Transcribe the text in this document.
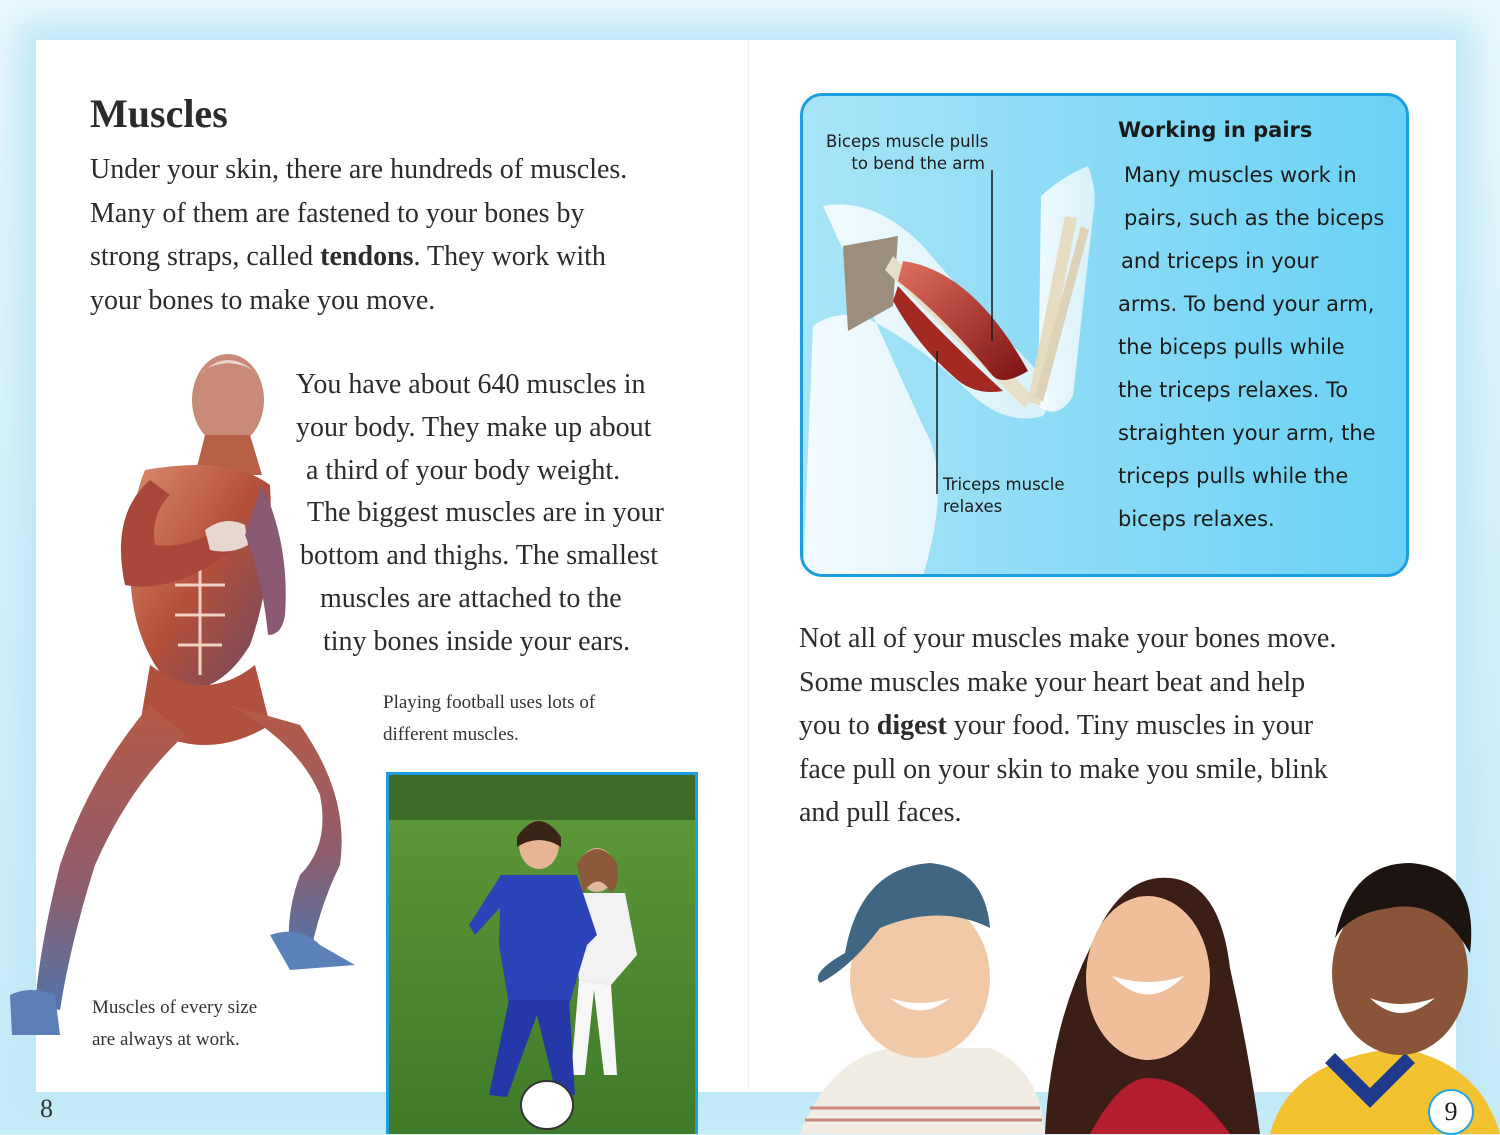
Muscles

Under your skin, there are hundreds of muscles.
Many of them are fastened to your bones by
strong straps, called tendons. They work with
your bones to make you move.

You have about 640 muscles in
your body. They make up about
a third of your body weight.
The biggest muscles are in your
bottom and thighs. The smallest
muscles are attached to the
tiny bones inside your ears.

Playing football uses lots of
different muscles.

Muscles of every size
are always at work.

8
Biceps muscle pulls
to bend the arm
Triceps muscle
relaxes
Working in pairs
Many muscles work in
pairs, such as the biceps
and triceps in your
arms. To bend your arm,
the biceps pulls while
the triceps relaxes. To
straighten your arm, the
triceps pulls while the
biceps relaxes.

Not all of your muscles make your bones move.
Some muscles make your heart beat and help
you to digest your food. Tiny muscles in your
face pull on your skin to make you smile, blink
and pull faces.

9
